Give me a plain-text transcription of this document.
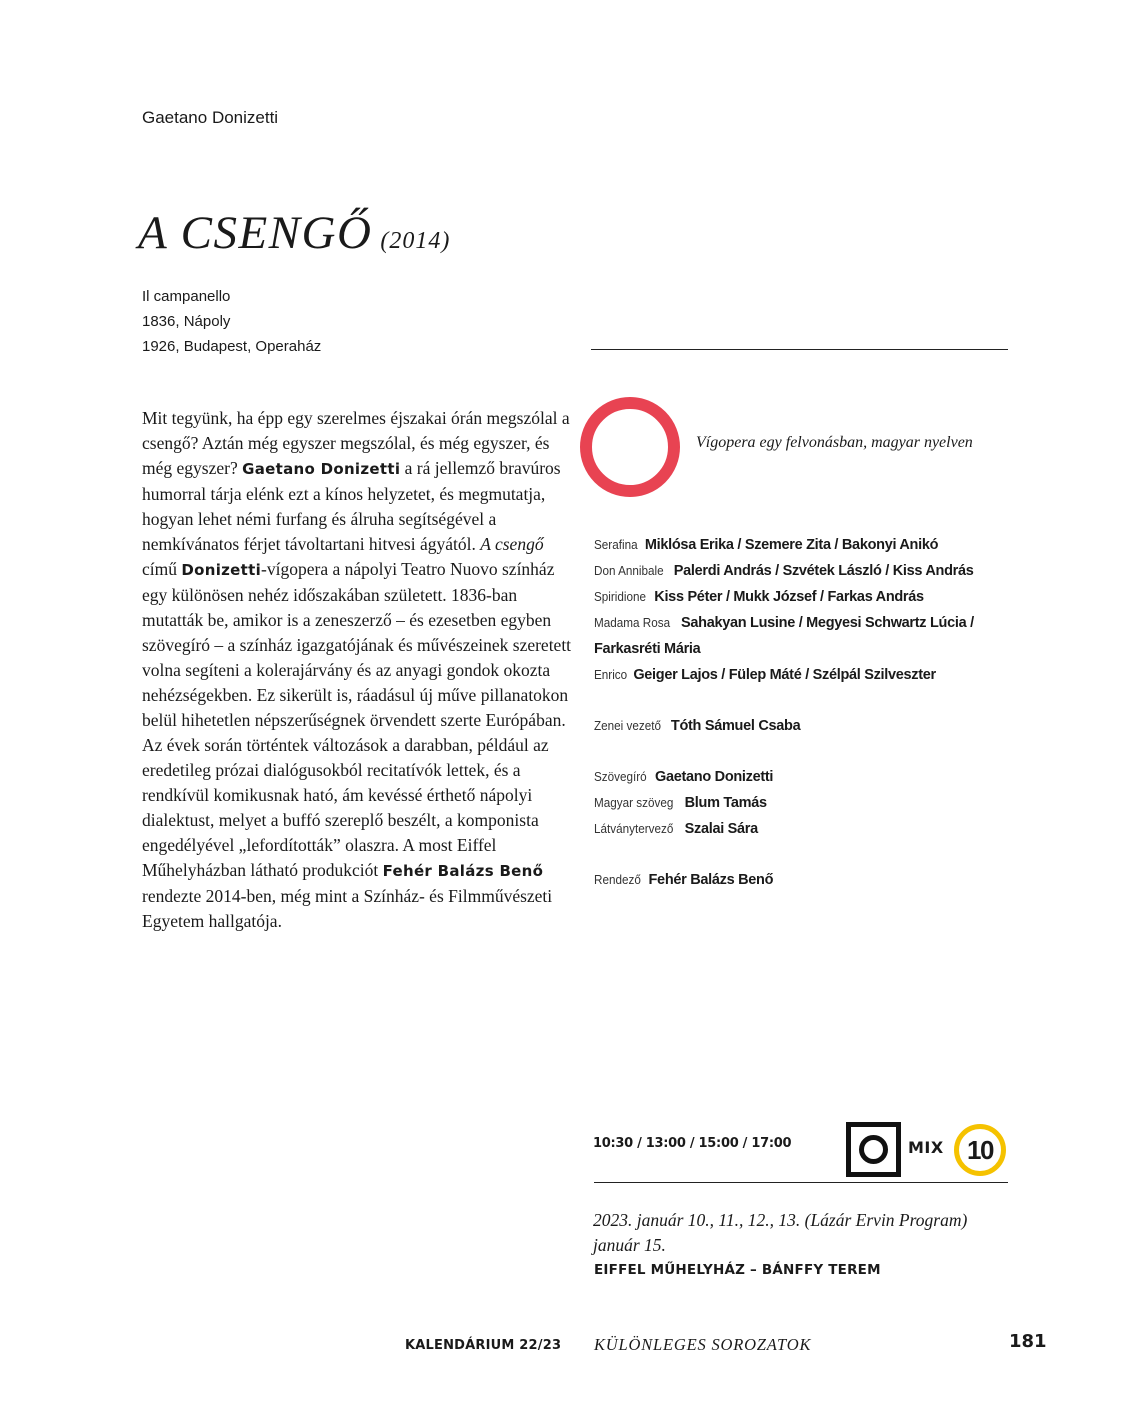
Gaetano Donizetti
A CSENGŐ (2014)
Il campanello
1836, Nápoly
1926, Budapest, Operaház
Mit tegyünk, ha épp egy szerelmes éjszakai órán megszólal a csengő? Aztán még egyszer megszólal, és még egyszer, és még egyszer? Gaetano Donizetti a rá jellemző bravúros humorral tárja elénk ezt a kínos helyzetet, és megmutatja, hogyan lehet némi furfang és álruha segítségével a nemkívánatos férjet távoltartani hitvesi ágyától. A csengő című Donizetti-vígopera a nápolyi Teatro Nuovo színház egy különösen nehéz időszakában született. 1836-ban mutatták be, amikor is a zeneszerző – és ezesetben egyben szövegíró – a színház igazgatójának és művészeinek szeretett volna segíteni a kolerajárvány és az anyagi gondok okozta nehézségekben. Ez sikerült is, ráadásul új műve pillanatokon belül hihetetlen népszerűségnek örvendett szerte Európában. Az évek során történtek változások a darabban, például az eredetileg prózai dialógusokból recitatívók lettek, és a rendkívül komikusnak ható, ám kevéssé érthető nápolyi dialektust, melyet a buffó szereplő beszélt, a komponista engedélyével „lefordították” olaszra. A most Eiffel Műhelyházban látható produkciót Fehér Balázs Benő rendezte 2014-ben, még mint a Színház- és Filmművészeti Egyetem hallgatója.
Vígopera egy felvonásban, magyar nyelven
Serafina Miklósa Erika / Szemere Zita / Bakonyi Anikó
Don Annibale Palerdi András / Szvétek László / Kiss András
Spiridione Kiss Péter / Mukk József / Farkas András
Madama Rosa Sahakyan Lusine / Megyesi Schwartz Lúcia /
Farkasréti Mária
Enrico Geiger Lajos / Fülep Máté / Szélpál Szilveszter
Zenei vezető Tóth Sámuel Csaba
Szövegíró Gaetano Donizetti
Magyar szöveg Blum Tamás
Látványtervező Szalai Sára
Rendező Fehér Balázs Benő
10:30 / 13:00 / 15:00 / 17:00	MIX 10
2023. január 10., 11., 12., 13. (Lázár Ervin Program)
január 15.
EIFFEL MŰHELYHÁZ – BÁNFFY TEREM
KALENDÁRIUM 22/23 KÜLÖNLEGES SOROZATOK	181
